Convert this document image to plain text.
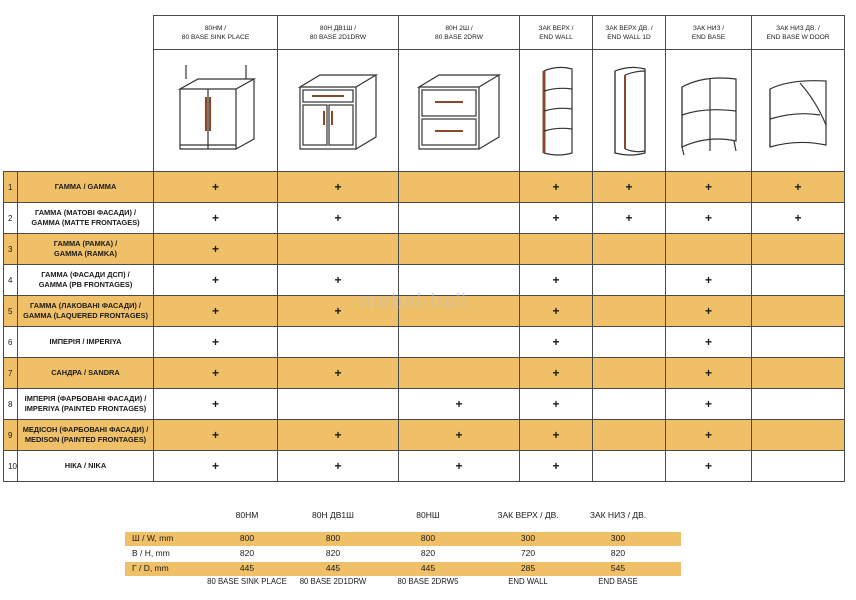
		80НМ /
80 BASE SINK PLACE	80Н ДВ1Ш /
80 BASE 2D1DRW	80Н 2Ш /
80 BASE 2DRW	ЗАК ВЕРХ /
END WALL	ЗАК ВЕРХ ДВ. /
END WALL 1D	ЗАК НИЗ /
END BASE	ЗАК НИЗ ДВ. /
END BASE W DOOR

1	ГАММА / GAMMA	+	+		+	+	+	+
2	ГАММА (МАТОВІ ФАСАДИ) /
GAMMA (MATTE FRONTAGES)	+	+		+	+	+	+
3	ГАММА (РАМКА) /
GAMMA (RAMKA)	+						
4	ГАММА (ФАСАДИ ДСП) /
GAMMA (PB FRONTAGES)	+	+		+		+	
5	ГАММА (ЛАКОВАНІ ФАСАДИ) /
GAMMA (LAQUERED FRONTAGES)	+	+		+		+	
6	ІМПЕРІЯ / IMPERIYA	+			+		+	
7	САНДРА / SANDRA	+	+		+		+	
8	ІМПЕРІЯ (ФАРБОВАНІ ФАСАДИ) /
IMPERIYA (PAINTED FRONTAGES)	+		+	+		+	
9	МЕДІСОН (ФАРБОВАНІ ФАСАДИ) /
MEDISON (PAINTED FRONTAGES)	+	+	+	+		+	
10	НІКА / NIKA	+	+	+	+		+	
mebel-hall
80НМ	80Н ДВ1Ш	80НШ	ЗАК ВЕРХ / ДВ.	ЗАК НИЗ / ДВ.
Ш / W, mm	800	800	800	300	300
В / H, mm	820	820	820	720	820
Г / D, mm	445	445	445	285	545
80 BASE SINK PLACE	80 BASE 2D1DRW	80 BASE 2DRW5	END WALL	END BASE
